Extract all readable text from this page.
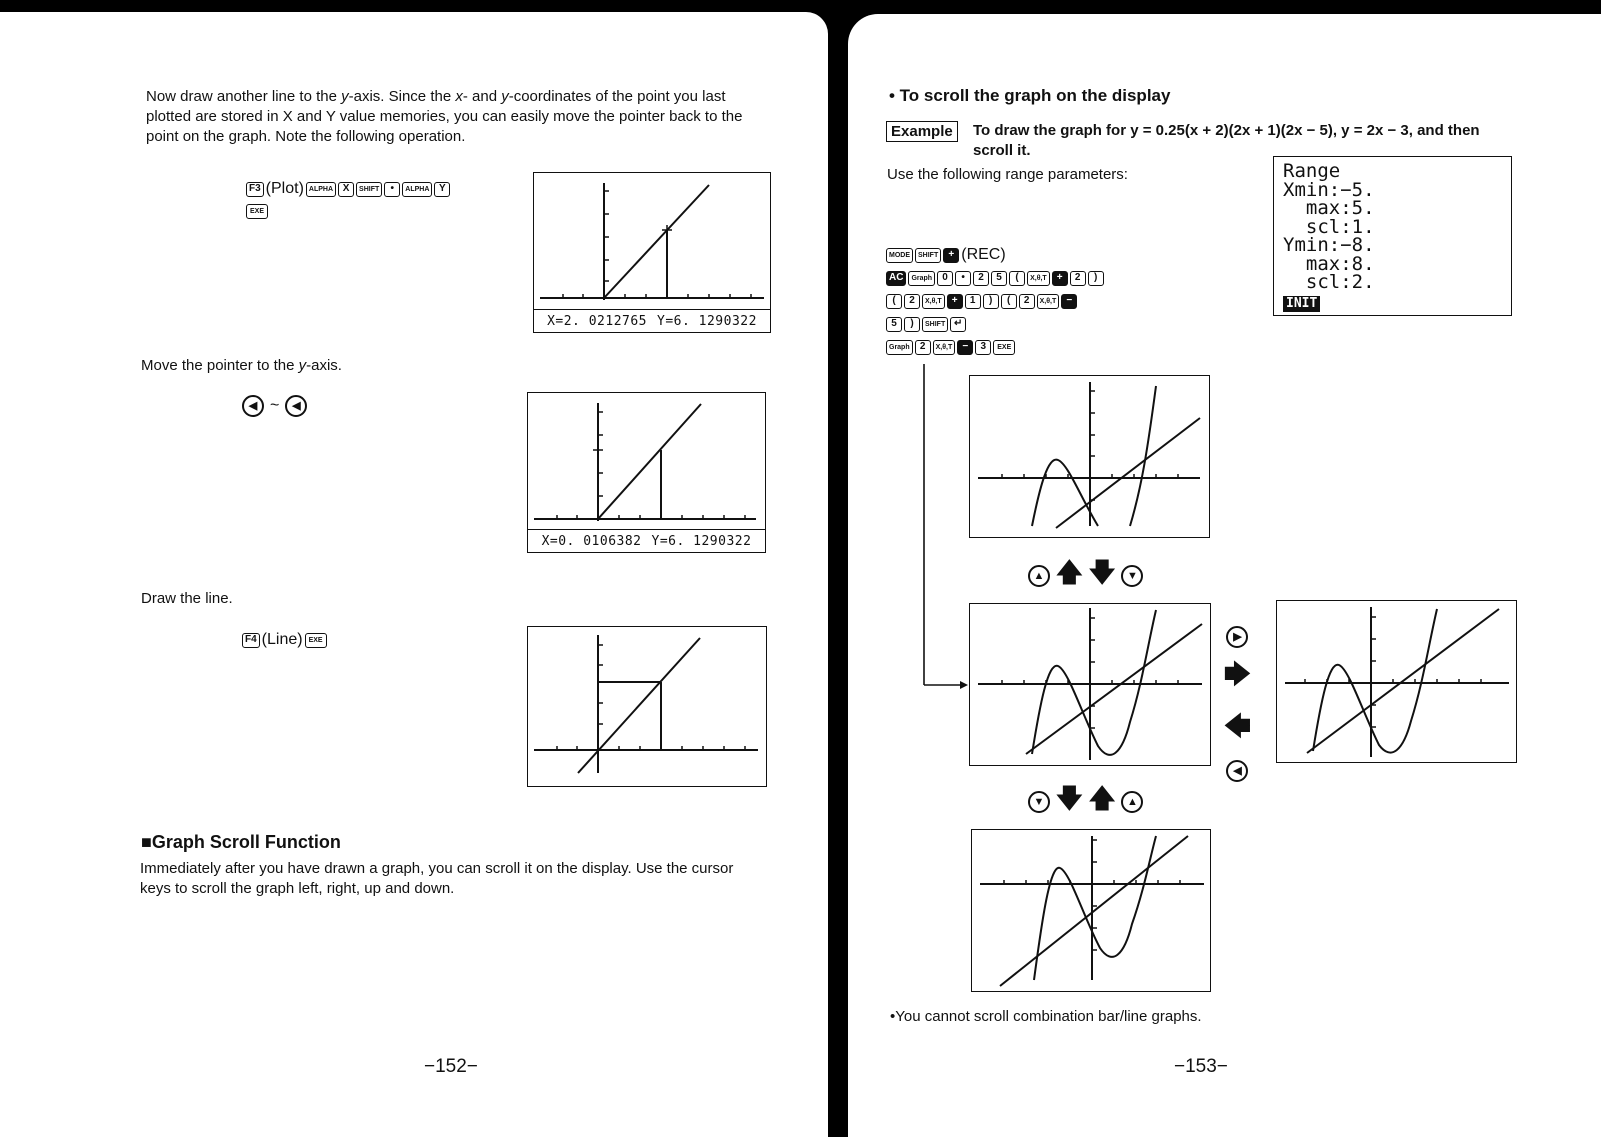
Now draw another line to the y-axis. Since the x- and y-coordinates of the point you last plotted are stored in X and Y value memories, you can easily move the pointer back to the point on the graph. Note the following operation.

F3 (Plot) ALPHA X	SHIFT	•	ALPHA Y
EXE
X=2. 0212765 Y=6. 1290322

Move the pointer to the y-axis.

◀ ~	◀
X=0. 0106382 Y=6. 1290322

Draw the line.

F4 (Line) EXE

■Graph Scroll Function

Immediately after you have drawn a graph, you can scroll it on the display. Use the cursor keys to scroll the graph left, right, up and down.

−152−

• To scroll the graph on the display

Example	To draw the graph for y = 0.25(x + 2)(2x + 1)(2x − 5), y = 2x − 3, and then

scroll it.

Use the following range parameters:	Range
Xmin:−5.
max:5.
scl:1.
Ymin:−8.
max:8.
scl:2.
INIT
MODE	SHIFT	+ (REC)
AC	Graph	0	•	2	5	(	X,θ,T	+	2	)
(	2	X,θ,T	+	1	)	(	2	X,θ,T	−
5	)	SHIFT ↵
Graph	2	X,θ,T	−	3	EXE
▲ 🡅 🡇	▼
▶
🡆
🡄
◀
▼ 🡇 🡅	▲

•You cannot scroll combination bar/line graphs.

−153−
